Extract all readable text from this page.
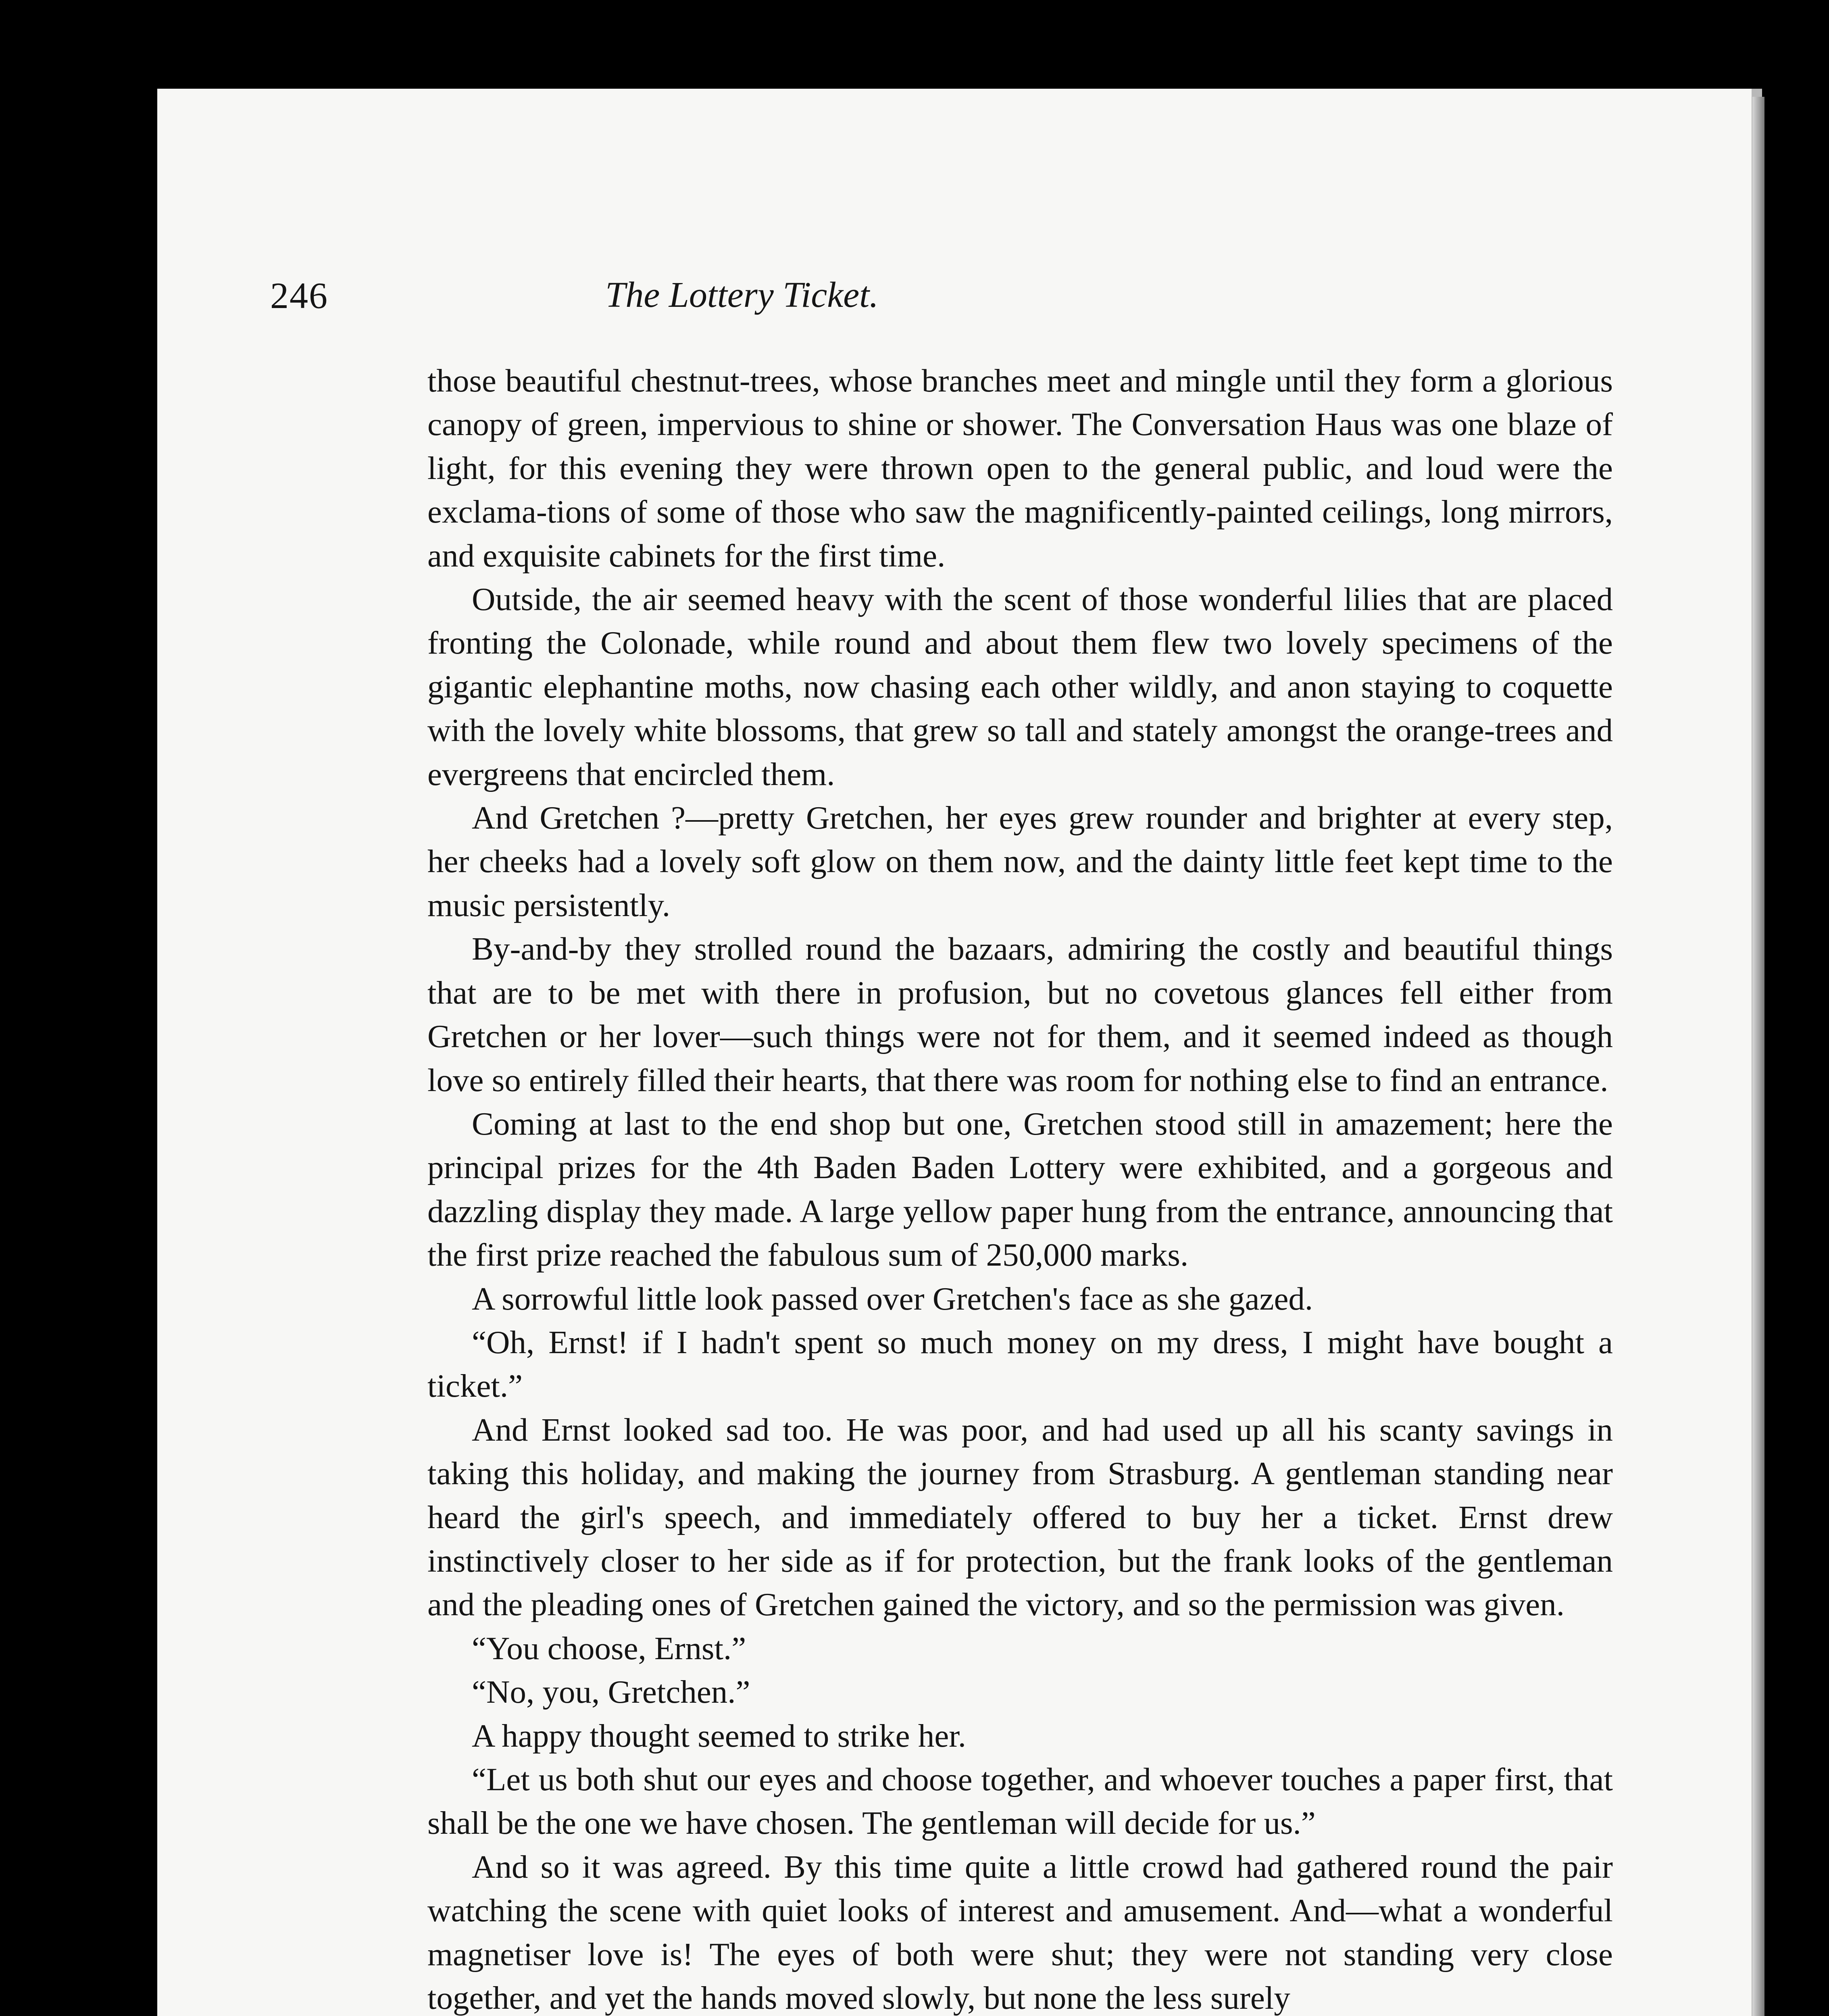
246	The Lottery Ticket.

those beautiful chestnut-trees, whose branches meet and mingle until they form a glorious canopy of green, impervious to shine or shower. The Conversation Haus was one blaze of light, for this evening they were thrown open to the general public, and loud were the exclama-tions of some of those who saw the magnificently-painted ceilings, long mirrors, and exquisite cabinets for the first time.

Outside, the air seemed heavy with the scent of those wonderful lilies that are placed fronting the Colonade, while round and about them flew two lovely specimens of the gigantic elephantine moths, now chasing each other wildly, and anon staying to coquette with the lovely white blossoms, that grew so tall and stately amongst the orange-trees and evergreens that encircled them.

And Gretchen ?—pretty Gretchen, her eyes grew rounder and brighter at every step, her cheeks had a lovely soft glow on them now, and the dainty little feet kept time to the music persistently.

By-and-by they strolled round the bazaars, admiring the costly and beautiful things that are to be met with there in profusion, but no covetous glances fell either from Gretchen or her lover—such things were not for them, and it seemed indeed as though love so entirely filled their hearts, that there was room for nothing else to find an entrance.

Coming at last to the end shop but one, Gretchen stood still in amazement; here the principal prizes for the 4th Baden Baden Lottery were exhibited, and a gorgeous and dazzling display they made. A large yellow paper hung from the entrance, announcing that the first prize reached the fabulous sum of 250,000 marks.

A sorrowful little look passed over Gretchen's face as she gazed.

“Oh, Ernst! if I hadn't spent so much money on my dress, I might have bought a ticket.”

And Ernst looked sad too. He was poor, and had used up all his scanty savings in taking this holiday, and making the journey from Strasburg. A gentleman standing near heard the girl's speech, and immediately offered to buy her a ticket. Ernst drew instinctively closer to her side as if for protection, but the frank looks of the gentleman and the pleading ones of Gretchen gained the victory, and so the permission was given.

“You choose, Ernst.”

“No, you, Gretchen.”

A happy thought seemed to strike her.

“Let us both shut our eyes and choose together, and whoever touches a paper first, that shall be the one we have chosen. The gentleman will decide for us.”

And so it was agreed. By this time quite a little crowd had gathered round the pair watching the scene with quiet looks of interest and amusement. And—what a wonderful magnetiser love is! The eyes of both were shut; they were not standing very close together, and yet the hands moved slowly, but none the less surely
